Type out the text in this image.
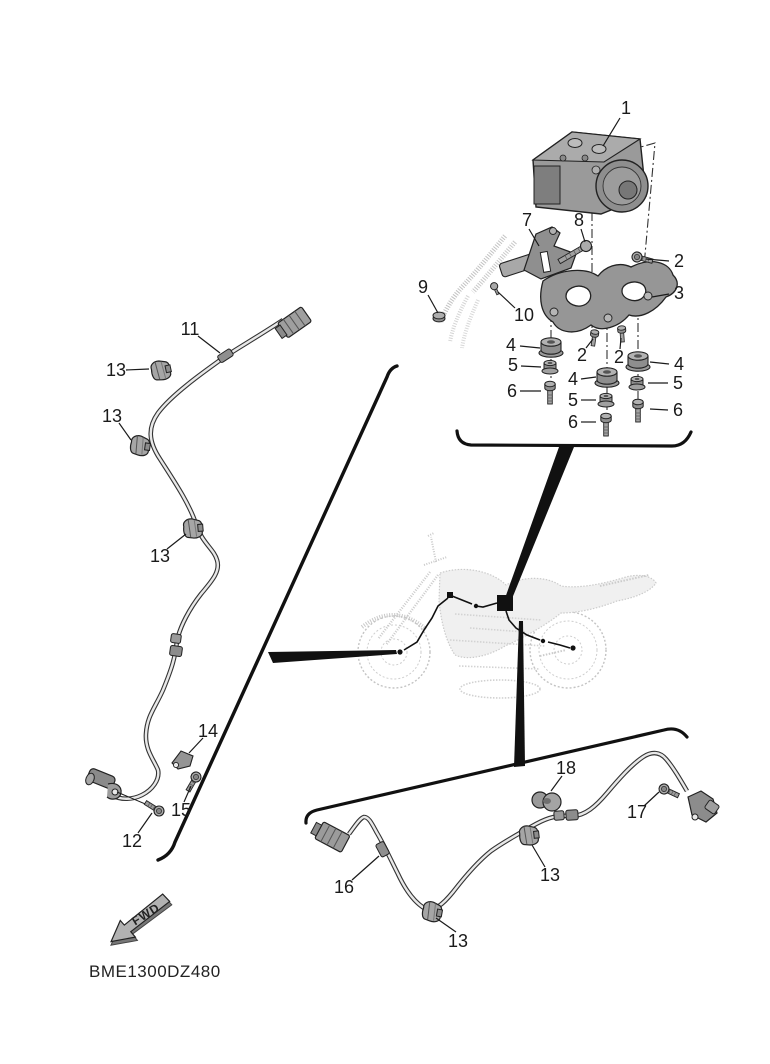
1
7 8
9
10
2
3
2 2
4
5
6
4
5
6
4
5
6
11
13
13
13
14
15
12
16
13
13
18
17
FWD
BME1300DZ480
